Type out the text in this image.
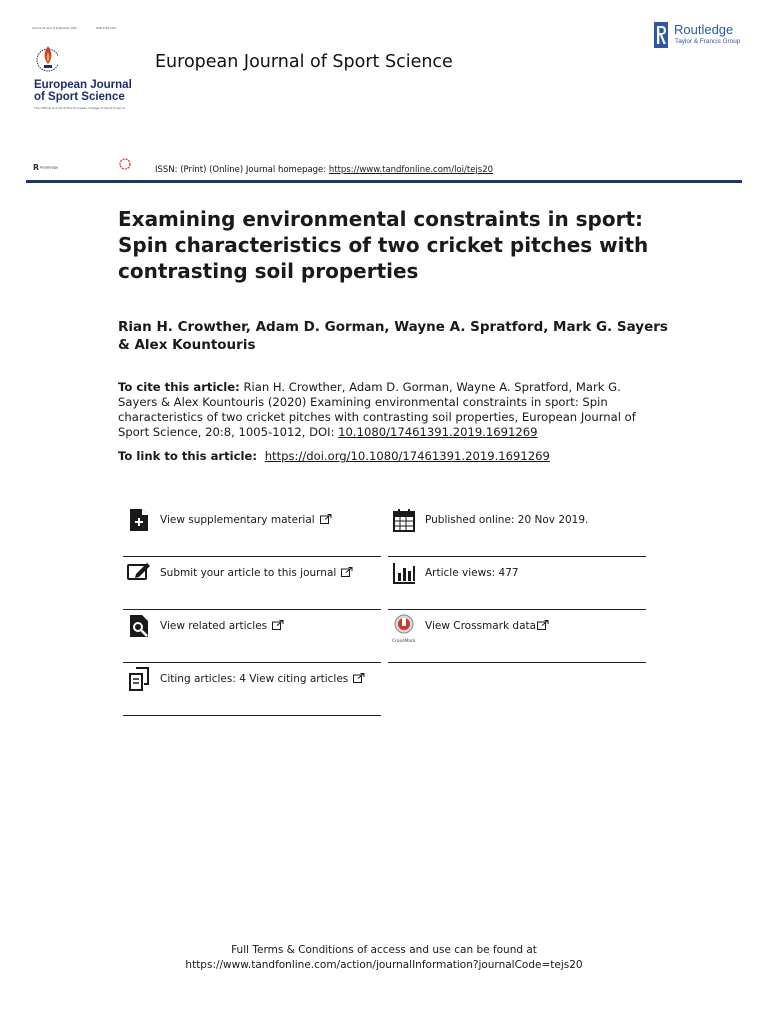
Volume 20 Issue 8 September 2020	ISSN 1746-1391
European Journal of Sport Science
The Official Journal of the European College of Sport Science
European Journal of Sport Science
Routledge
Taylor & Francis Group
R Routledge	ISSN: (Print) (Online) Journal homepage: https://www.tandfonline.com/loi/tejs20
Examining environmental constraints in sport: Spin characteristics of two cricket pitches with contrasting soil properties
Rian H. Crowther, Adam D. Gorman, Wayne A. Spratford, Mark G. Sayers & Alex Kountouris
To cite this article: Rian H. Crowther, Adam D. Gorman, Wayne A. Spratford, Mark G. Sayers & Alex Kountouris (2020) Examining environmental constraints in sport: Spin characteristics of two cricket pitches with contrasting soil properties, European Journal of Sport Science, 20:8, 1005-1012, DOI: 10.1080/17461391.2019.1691269
To link to this article:  https://doi.org/10.1080/17461391.2019.1691269
View supplementary material	Published online: 20 Nov 2019.
Submit your article to this journal	Article views: 477
View related articles
CrossMark
View Crossmark data
Citing articles: 4 View citing articles
Full Terms & Conditions of access and use can be found at
https://www.tandfonline.com/action/journalInformation?journalCode=tejs20
